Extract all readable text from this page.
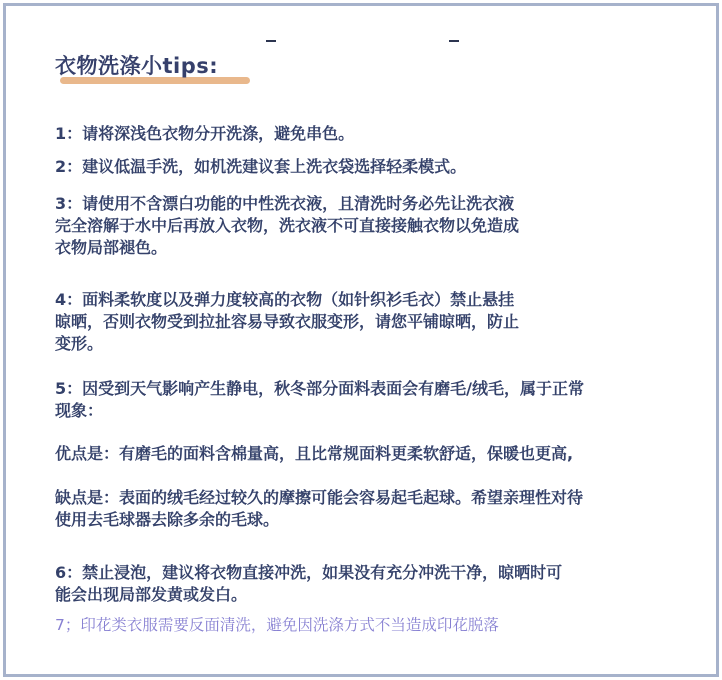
衣物洗涤小tips:
1：请将深浅色衣物分开洗涤，避免串色。
2：建议低温手洗，如机洗建议套上洗衣袋选择轻柔模式。
3：请使用不含漂白功能的中性洗衣液，且清洗时务必先让洗衣液
完全溶解于水中后再放入衣物，洗衣液不可直接接触衣物以免造成
衣物局部褪色。
4：面料柔软度以及弹力度较高的衣物（如针织衫毛衣）禁止悬挂
晾晒，否则衣物受到拉扯容易导致衣服变形，请您平铺晾晒，防止
变形。
5：因受到天气影响产生静电，秋冬部分面料表面会有磨毛/绒毛，属于正常
现象：
优点是：有磨毛的面料含棉量高，且比常规面料更柔软舒适，保暖也更高,
缺点是：表面的绒毛经过较久的摩擦可能会容易起毛起球。希望亲理性对待
使用去毛球器去除多余的毛球。
6：禁止浸泡，建议将衣物直接冲洗，如果没有充分冲洗干净，晾晒时可
能会出现局部发黄或发白。
7；印花类衣服需要反面清洗，避免因洗涤方式不当造成印花脱落
